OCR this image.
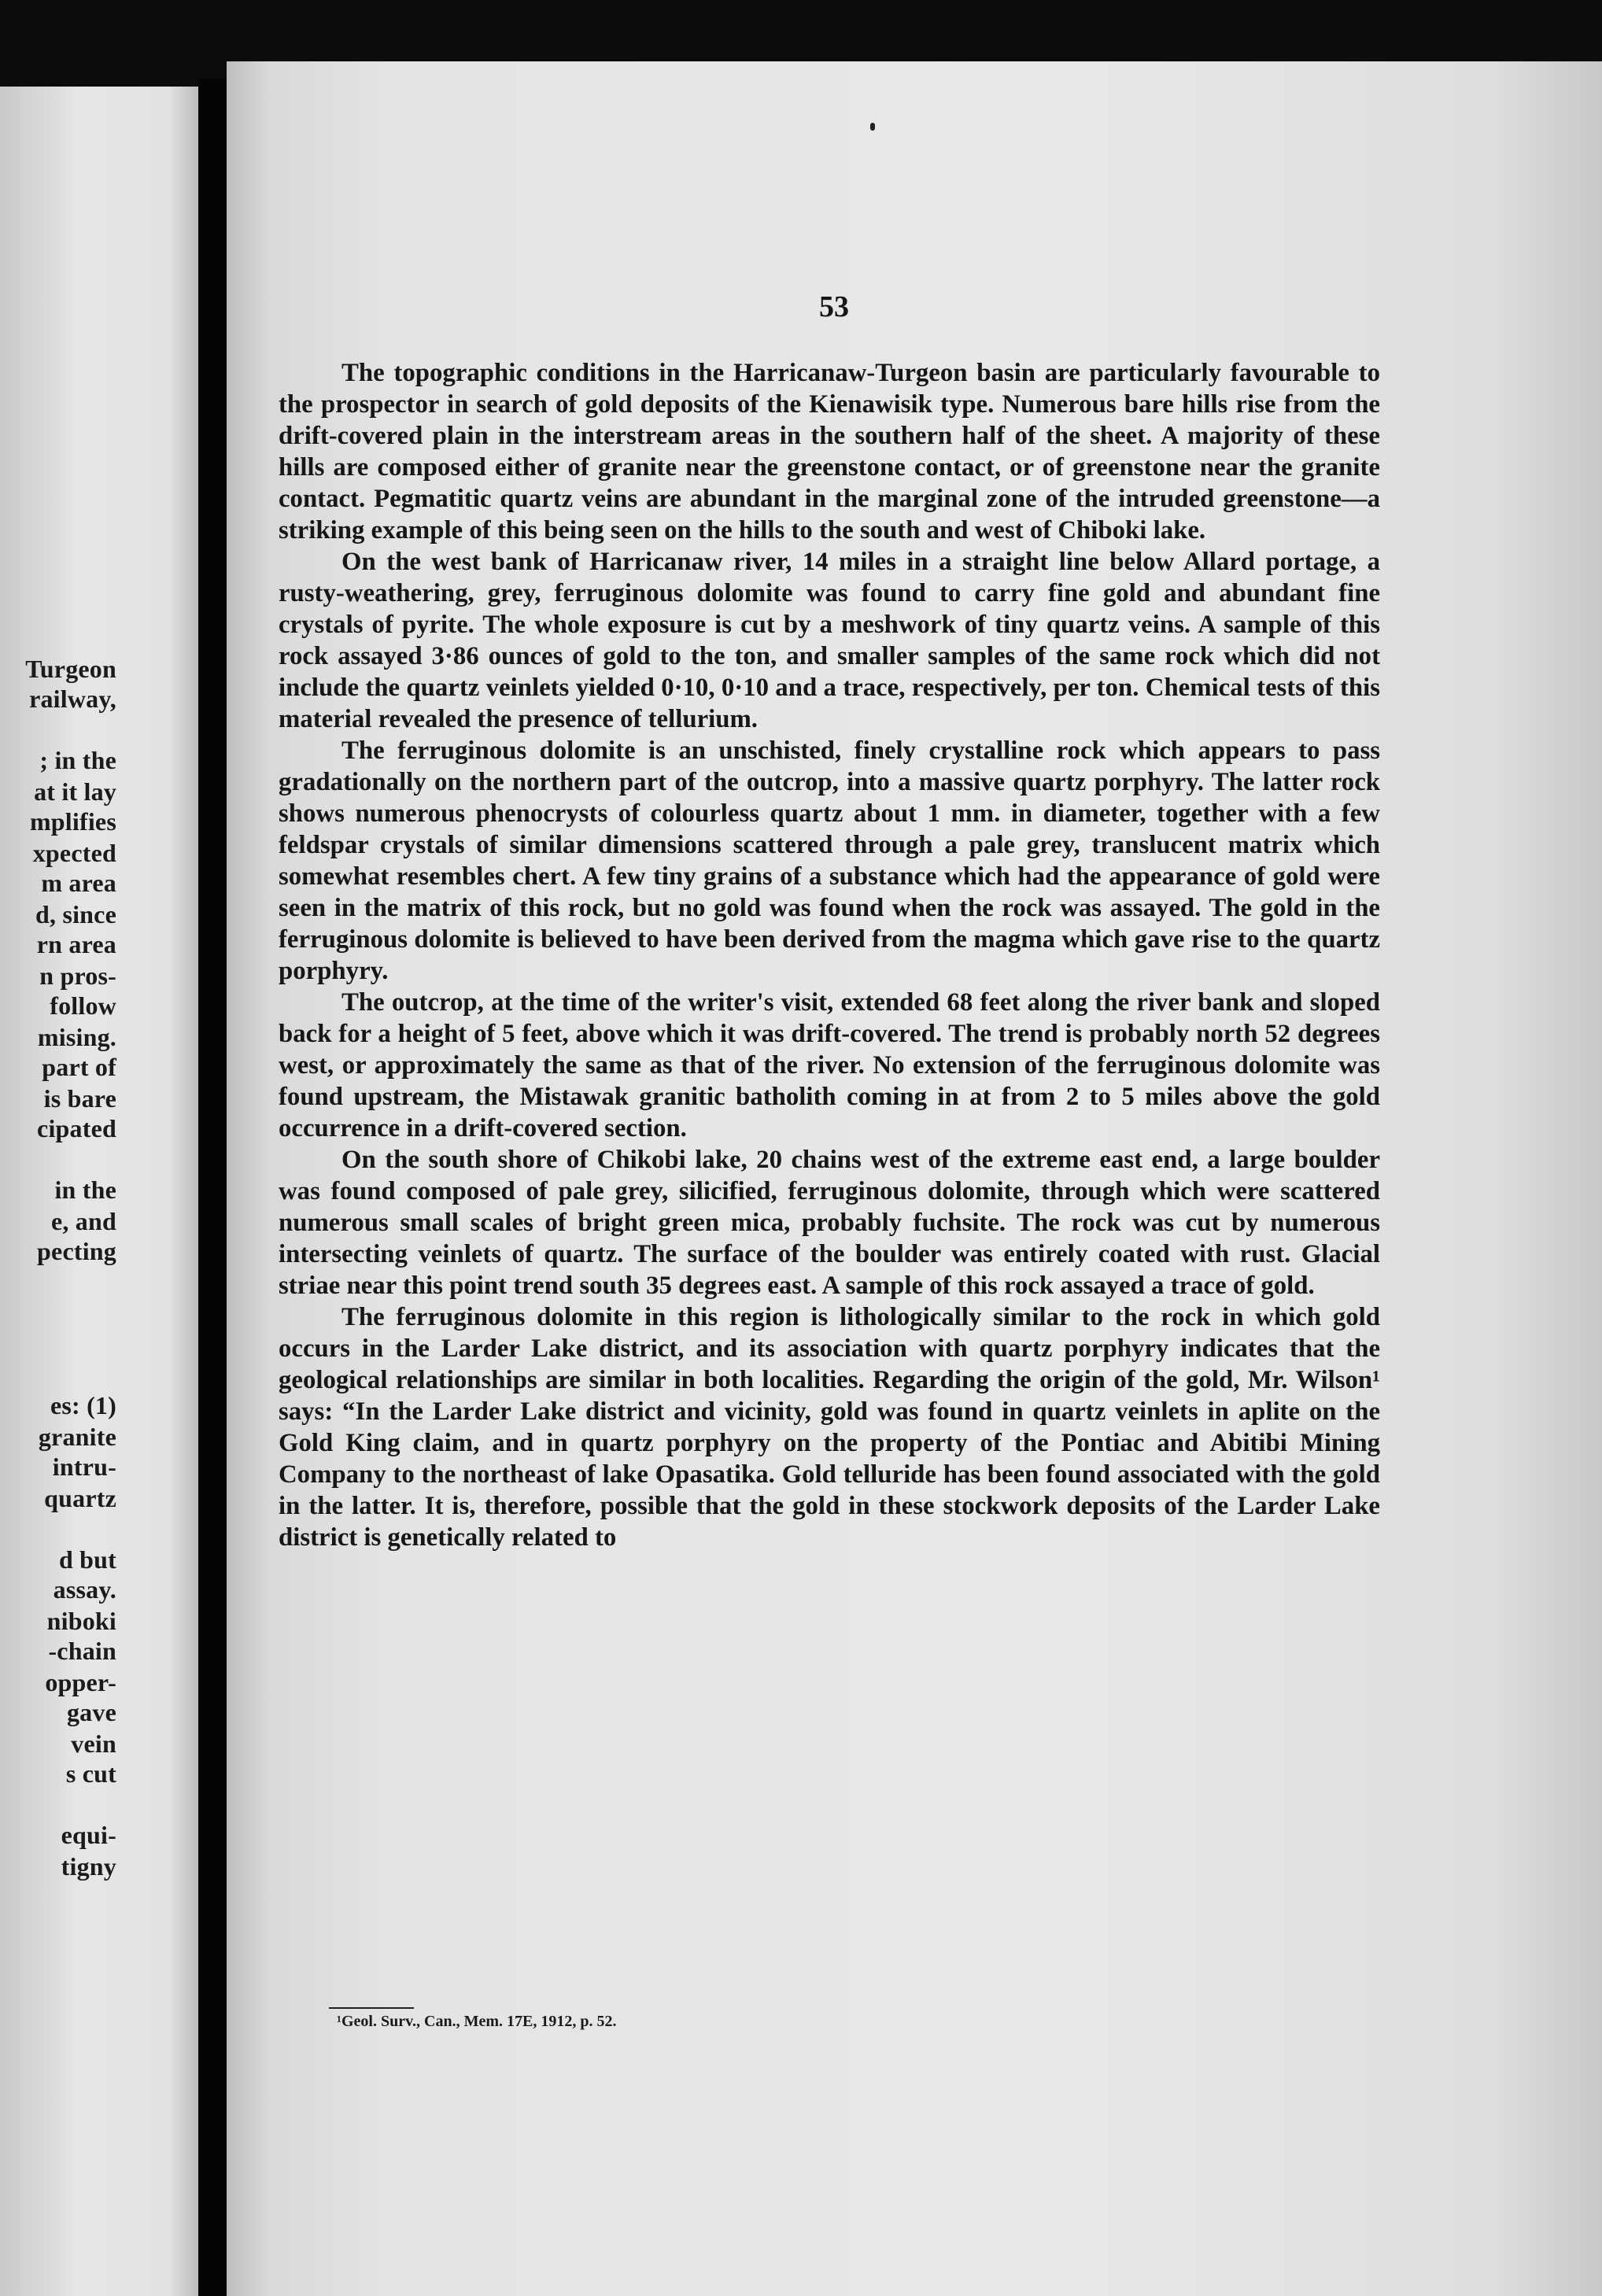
Turgeon
railway,
; in the
at it lay
mplifies
xpected
m area
d, since
rn area
n pros-
follow
mising.
part of
is bare
cipated
in the
e, and
pecting
es: (1)
granite
intru-
quartz
d but
assay.
niboki
-chain
opper-
gave
vein
s cut
equi-
tigny
53

The topographic conditions in the Harricanaw-Turgeon basin are particularly favourable to the prospector in search of gold deposits of the Kienawisik type. Numerous bare hills rise from the drift-covered plain in the interstream areas in the southern half of the sheet. A majority of these hills are composed either of granite near the greenstone contact, or of greenstone near the granite contact. Pegmatitic quartz veins are abundant in the marginal zone of the intruded greenstone—a striking example of this being seen on the hills to the south and west of Chiboki lake.

On the west bank of Harricanaw river, 14 miles in a straight line below Allard portage, a rusty-weathering, grey, ferruginous dolomite was found to carry fine gold and abundant fine crystals of pyrite. The whole exposure is cut by a meshwork of tiny quartz veins. A sample of this rock assayed 3·86 ounces of gold to the ton, and smaller samples of the same rock which did not include the quartz veinlets yielded 0·10, 0·10 and a trace, respectively, per ton. Chemical tests of this material revealed the presence of tellurium.

The ferruginous dolomite is an unschisted, finely crystalline rock which appears to pass gradationally on the northern part of the outcrop, into a massive quartz porphyry. The latter rock shows numerous phenocrysts of colourless quartz about 1 mm. in diameter, together with a few feldspar crystals of similar dimensions scattered through a pale grey, translucent matrix which somewhat resembles chert. A few tiny grains of a substance which had the appearance of gold were seen in the matrix of this rock, but no gold was found when the rock was assayed. The gold in the ferruginous dolomite is believed to have been derived from the magma which gave rise to the quartz porphyry.

The outcrop, at the time of the writer's visit, extended 68 feet along the river bank and sloped back for a height of 5 feet, above which it was drift-covered. The trend is probably north 52 degrees west, or approximately the same as that of the river. No extension of the ferruginous dolomite was found upstream, the Mistawak granitic batholith coming in at from 2 to 5 miles above the gold occurrence in a drift-covered section.

On the south shore of Chikobi lake, 20 chains west of the extreme east end, a large boulder was found composed of pale grey, silicified, ferruginous dolomite, through which were scattered numerous small scales of bright green mica, probably fuchsite. The rock was cut by numerous intersecting veinlets of quartz. The surface of the boulder was entirely coated with rust. Glacial striae near this point trend south 35 degrees east. A sample of this rock assayed a trace of gold.

The ferruginous dolomite in this region is lithologically similar to the rock in which gold occurs in the Larder Lake district, and its association with quartz porphyry indicates that the geological relationships are similar in both localities. Regarding the origin of the gold, Mr. Wilson¹ says: “In the Larder Lake district and vicinity, gold was found in quartz veinlets in aplite on the Gold King claim, and in quartz porphyry on the property of the Pontiac and Abitibi Mining Company to the northeast of lake Opasatika. Gold telluride has been found associated with the gold in the latter. It is, therefore, possible that the gold in these stockwork deposits of the Larder Lake district is genetically related to

¹Geol. Surv., Can., Mem. 17E, 1912, p. 52.
